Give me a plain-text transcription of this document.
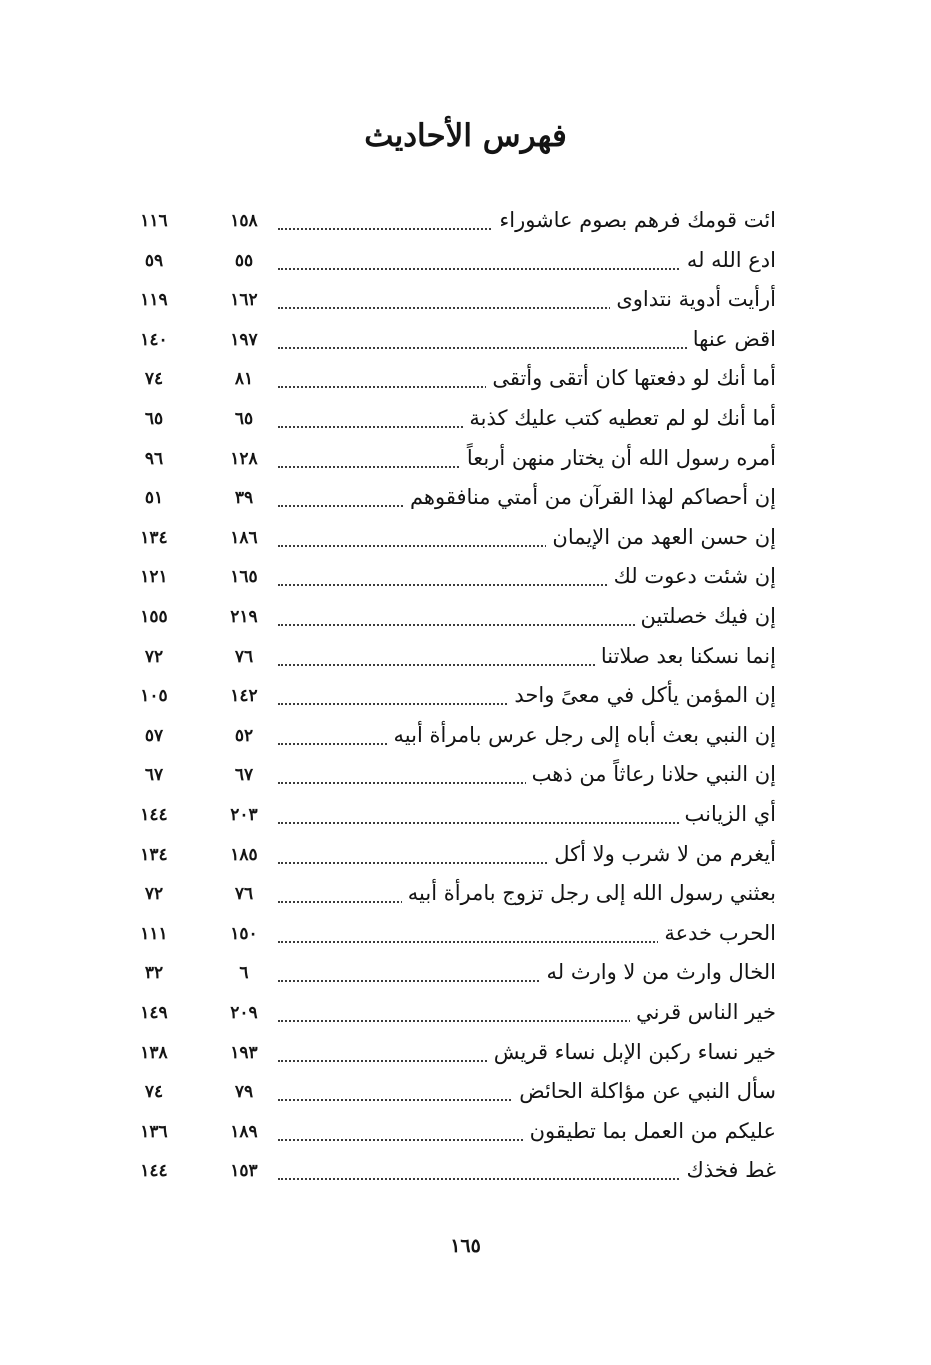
فهرس الأحاديث
ائت قومك فرهم بصوم عاشوراء
١٥٨
١١٦
ادع الله له
٥٥
٥٩
أرأيت أدوية نتداوى
١٦٢
١١٩
اقض عنها
١٩٧
١٤٠
أما أنك لو دفعتها كان أتقى وأتقى
٨١
٧٤
أما أنك لو لم تعطيه كتب عليك كذبة
٦٥
٦٥
أمره رسول الله أن يختار منهن أربعاً
١٢٨
٩٦
إن أحصاكم لهذا القرآن من أمتي منافقوهم
٣٩
٥١
إن حسن العهد من الإيمان
١٨٦
١٣٤
إن شئت دعوت لك
١٦٥
١٢١
إن فيك خصلتين
٢١٩
١٥٥
إنما نسكنا بعد صلاتنا
٧٦
٧٢
إن المؤمن يأكل في معىً واحد
١٤٢
١٠٥
إن النبي بعث أباه إلى رجل عرس بامرأة أبيه
٥٢
٥٧
إن النبي حلانا رعاثاً من ذهب
٦٧
٦٧
أي الزيانب
٢٠٣
١٤٤
أيغرم من لا شرب ولا أكل
١٨٥
١٣٤
بعثني رسول الله إلى رجل تزوج بامرأة أبيه
٧٦
٧٢
الحرب خدعة
١٥٠
١١١
الخال وارث من لا وارث له
٦
٣٢
خير الناس قرني
٢٠٩
١٤٩
خير نساء ركبن الإبل نساء قريش
١٩٣
١٣٨
سأل النبي عن مؤاكلة الحائض
٧٩
٧٤
عليكم من العمل بما تطيقون
١٨٩
١٣٦
غط فخذك
١٥٣
١٤٤
١٦٥
